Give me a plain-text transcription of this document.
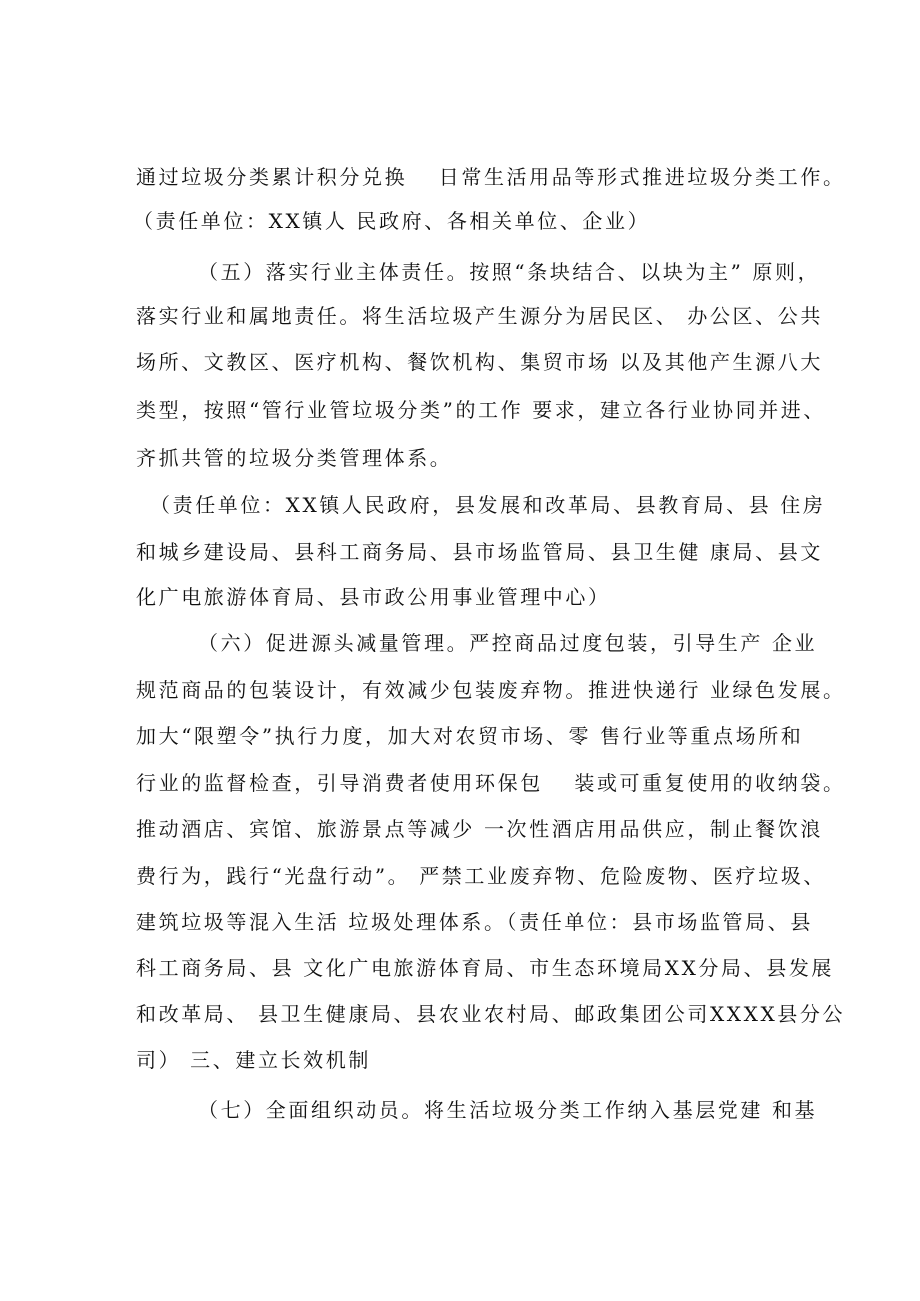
通过垃圾分类累计积分兑换　 日常生活用品等形式推进垃圾分类工作。
（责任单位：XX镇人 民政府、各相关单位、企业）
（五）落实行业主体责任。按照“条块结合、以块为主” 原则，
落实行业和属地责任。将生活垃圾产生源分为居民区、 办公区、公共
场所、文教区、医疗机构、餐饮机构、集贸市场 以及其他产生源八大
类型，按照“管行业管垃圾分类”的工作 要求，建立各行业协同并进、
齐抓共管的垃圾分类管理体系。
（责任单位：XX镇人民政府，县发展和改革局、县教育局、县 住房
和城乡建设局、县科工商务局、县市场监管局、县卫生健 康局、县文
化广电旅游体育局、县市政公用事业管理中心）
（六）促进源头减量管理。严控商品过度包装，引导生产 企业
规范商品的包装设计，有效减少包装废弃物。推进快递行 业绿色发展。
加大“限塑令”执行力度，加大对农贸市场、零 售行业等重点场所和
行业的监督检查，引导消费者使用环保包　 装或可重复使用的收纳袋。
推动酒店、宾馆、旅游景点等减少 一次性酒店用品供应，制止餐饮浪
费行为，践行“光盘行动”。 严禁工业废弃物、危险废物、医疗垃圾、
建筑垃圾等混入生活 垃圾处理体系。（责任单位：县市场监管局、县
科工商务局、县 文化广电旅游体育局、市生态环境局XX分局、县发展
和改革局、 县卫生健康局、县农业农村局、邮政集团公司XXXX县分公
司） 三、建立长效机制
（七）全面组织动员。将生活垃圾分类工作纳入基层党建 和基
